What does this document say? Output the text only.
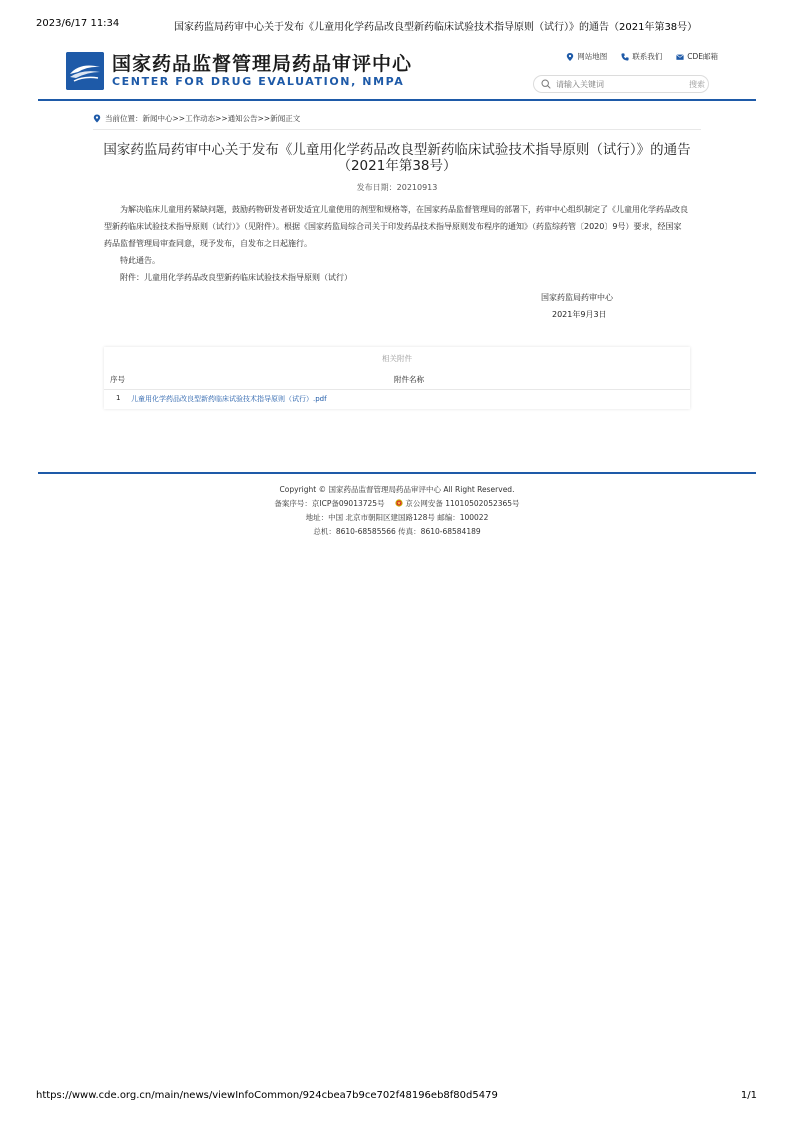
2023/6/17 11:34	国家药监局药审中心关于发布《儿童用化学药品改良型新药临床试验技术指导原则（试行）》的通告（2021年第38号）
国家药品监督管理局药品审评中心
CENTER FOR DRUG EVALUATION, NMPA
网站地图	联系我们	CDE邮箱
请输入关键词
搜索
当前位置：新闻中心>>工作动态>>通知公告>>新闻正文
国家药监局药审中心关于发布《儿童用化学药品改良型新药临床试验技术指导原则（试行）》的通告（2021年第38号）
发布日期：20210913

为解决临床儿童用药紧缺问题，鼓励药物研发者研发适宜儿童使用的剂型和规格等，在国家药品监督管理局的部署下，药审中心组织制定了《儿童用化学药品改良型新药临床试验技术指导原则（试行）》（见附件）。根据《国家药监局综合司关于印发药品技术指导原则发布程序的通知》（药监综药管〔2020〕9号）要求，经国家药品监督管理局审查同意，现予发布，自发布之日起施行。

特此通告。

附件：儿童用化学药品改良型新药临床试验技术指导原则（试行）

国家药监局药审中心
2021年9月3日
相关附件
序号	附件名称
1 儿童用化学药品改良型新药临床试验技术指导原则（试行）.pdf
Copyright © 国家药品监督管理局药品审评中心 All Right Reserved.
备案序号：京ICP备09013725号	京公网安备 11010502052365号
地址：中国 北京市朝阳区建国路128号 邮编：100022
总机：8610-68585566 传真：8610-68584189
https://www.cde.org.cn/main/news/viewInfoCommon/924cbea7b9ce702f48196eb8f80d5479	1/1
